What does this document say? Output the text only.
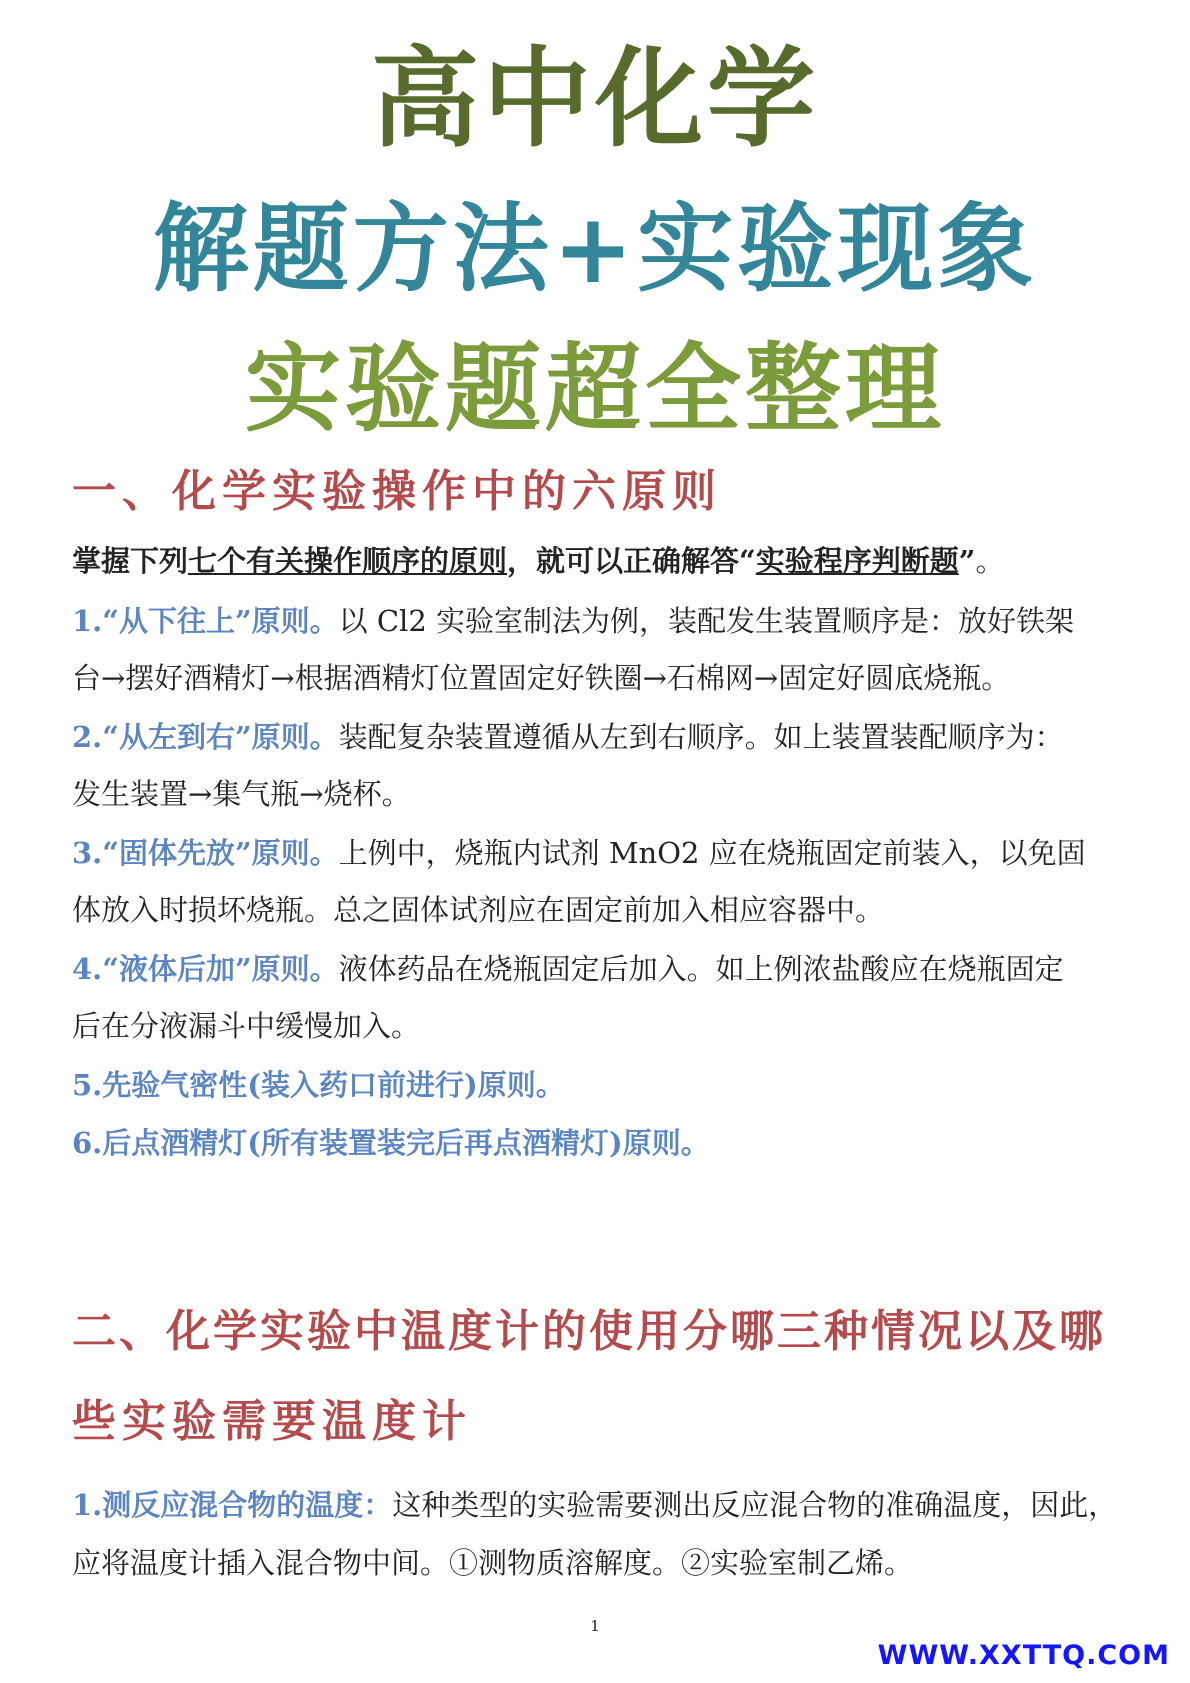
高中化学
解题方法+实验现象
实验题超全整理
一、化学实验操作中的六原则
掌握下列七个有关操作顺序的原则，就可以正确解答“实验程序判断题”。
1.“从下往上”原则。以 Cl2 实验室制法为例，装配发生装置顺序是：放好铁架
台→摆好酒精灯→根据酒精灯位置固定好铁圈→石棉网→固定好圆底烧瓶。
2.“从左到右”原则。装配复杂装置遵循从左到右顺序。如上装置装配顺序为：
发生装置→集气瓶→烧杯。
3.“固体先放”原则。上例中，烧瓶内试剂 MnO2 应在烧瓶固定前装入，以免固
体放入时损坏烧瓶。总之固体试剂应在固定前加入相应容器中。
4.“液体后加”原则。液体药品在烧瓶固定后加入。如上例浓盐酸应在烧瓶固定
后在分液漏斗中缓慢加入。
5.先验气密性(装入药口前进行)原则。
6.后点酒精灯(所有装置装完后再点酒精灯)原则。
二、化学实验中温度计的使用分哪三种情况以及哪
些实验需要温度计
1.测反应混合物的温度：这种类型的实验需要测出反应混合物的准确温度，因此，
应将温度计插入混合物中间。①测物质溶解度。②实验室制乙烯。
1
WWW.XXTTQ.COM
